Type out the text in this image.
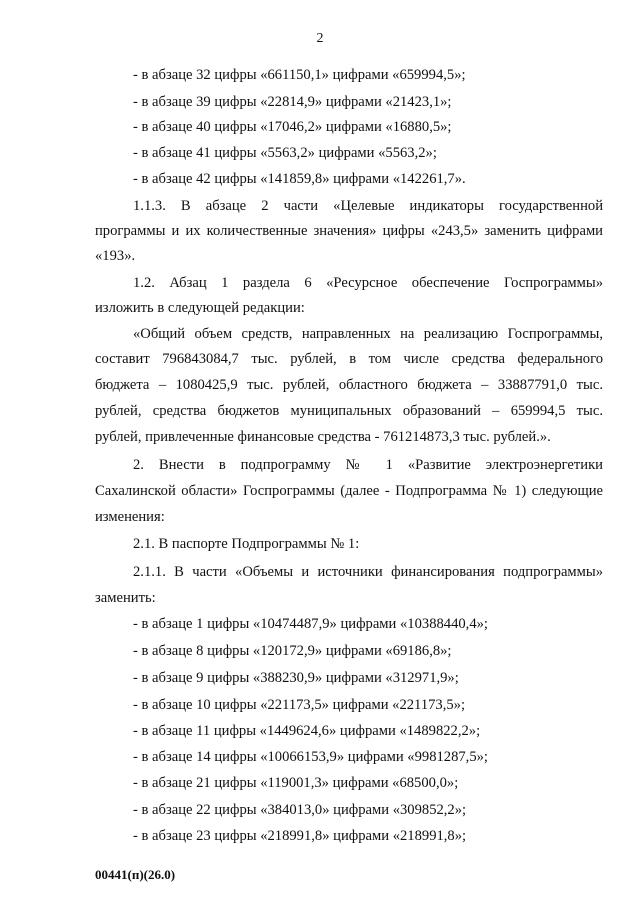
2
- в абзаце 32 цифры «661150,1» цифрами «659994,5»;
- в абзаце 39 цифры «22814,9» цифрами «21423,1»;
- в абзаце 40 цифры «17046,2» цифрами «16880,5»;
- в абзаце 41 цифры «5563,2» цифрами «5563,2»;
- в абзаце 42 цифры «141859,8» цифрами «142261,7».
1.1.3. В абзаце 2 части «Целевые индикаторы государственной
программы и их количественные значения» цифры «243,5» заменить цифрами
«193».
1.2. Абзац 1 раздела 6 «Ресурсное обеспечение Госпрограммы»
изложить в следующей редакции:
«Общий объем средств, направленных на реализацию Госпрограммы,
составит 796843084,7 тыс. рублей, в том числе средства федерального
бюджета – 1080425,9 тыс. рублей, областного бюджета – 33887791,0 тыс.
рублей, средства бюджетов муниципальных образований – 659994,5 тыс.
рублей, привлеченные финансовые средства - 761214873,3 тыс. рублей.».
2. Внести в подпрограмму № 1 «Развитие электроэнергетики
Сахалинской области» Госпрограммы (далее - Подпрограмма № 1) следующие
изменения:
2.1. В паспорте Подпрограммы № 1:
2.1.1. В части «Объемы и источники финансирования подпрограммы»
заменить:
- в абзаце 1 цифры «10474487,9» цифрами «10388440,4»;
- в абзаце 8 цифры «120172,9» цифрами «69186,8»;
- в абзаце 9 цифры «388230,9» цифрами «312971,9»;
- в абзаце 10 цифры «221173,5» цифрами «221173,5»;
- в абзаце 11 цифры «1449624,6» цифрами «1489822,2»;
- в абзаце 14 цифры «10066153,9» цифрами «9981287,5»;
- в абзаце 21 цифры «119001,3» цифрами «68500,0»;
- в абзаце 22 цифры «384013,0» цифрами «309852,2»;
- в абзаце 23 цифры «218991,8» цифрами «218991,8»;
00441(п)(26.0)
